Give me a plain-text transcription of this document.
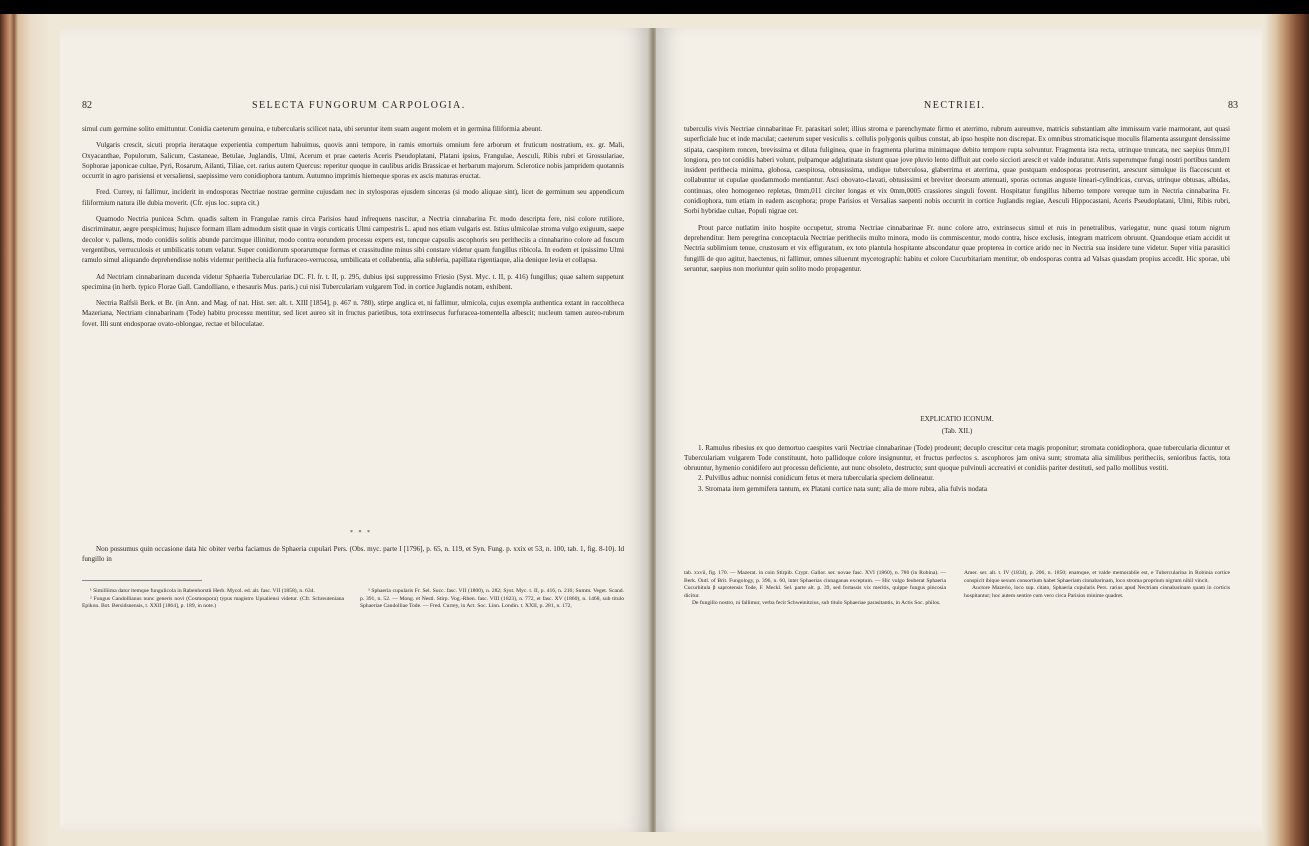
82	SELECTA FUNGORUM CARPOLOGIA.

simul cum germine solito emittuntur. Conidia caeterum genuina, e tubercularis scilicet nata, ubi seruntur item suam augent molem et in germina filiformia abeunt.

Vulgaris crescit, sicuti propria iterataque experientia compertum habuimus, quovis anni tempore, in ramis emortuis omnium fere arborum et fruticum nostratium, ex. gr. Mali, Oxyacanthae, Populorum, Salicum, Castaneae, Betulae, Juglandis, Ulmi, Acerum et prae caeteris Aceris Pseudoplatani, Platani ipsius, Frangulae, Aesculi, Ribis rubri et Grossulariae, Sophorae japonicae cultae, Pyri, Rosarum, Ailanti, Tiliae, cet. rarius autem Quercus: reperitur quoque in caulibus aridis Brassicae et herbarum majorum. Sclerotice nobis jampridem quotannis occurrit in agro parisiensi et versaliensi, saepissime vero conidiophora tantum. Autumno imprimis hiemeque sporas ex ascis maturas eructat.

Fred. Currey, ni fallimur, inciderit in endosporas Nectriae nostrae germine cujusdam nec in stylosporas ejusdem sinceras (si modo aliquae sint), licet de germinum seu appendicum filiformium natura ille dubia moverit. (Cfr. ejus loc. supra cit.)

Quamodo Nectria punicea Schm. quadis saltem in Frangulae ramis circa Parisios haud infrequens nascitur, a Nectria cinnabarina Fr. modo descripta fere, nisi colore rutiliore, discriminatur, aegre perspicimus; hujusce formam illam admodum sistit quae in virgis corticatis Ulmi campestris L. apud nos etiam vulgaris est. Istius ulmicolae stroma vulgo exiguum, saepe decolor v. pallens, modo conidiis solitis abunde parcimque illinitur, modo contra eorundem processu expers est, tuncque capsulis ascophoris seu peritheciis a cinnabarino colore ad fuscum vergentibus, verruculosis et umbilicatis totum velatur. Super conidiorum sporarumque formas et crassitudine minus sibi constare videtur quam fungillus ribicola. In eodem et ipsissimo Ulmi ramulo simul aliquando deprehendisse nobis videmur perithecia alia furfuraceo-verrucosa, umbilicata et collabentia, alia subleria, papillata rigentiaque, alia denique levia et collapsa.

Ad Nectriam cinnabarinam ducenda videtur Sphaeria Tuberculariae DC. Fl. fr. t. II, p. 295, dubius ipsi suppressimo Friesio (Syst. Myc. t. II, p. 416) fungillus; quae saltem suppetunt specimina (in herb. typico Florae Gall. Candolliano, e thesauris Mus. paris.) cui nisi Tuberculariam vulgarem Tod. in cortice Juglandis notam, exhibent.

Nectria Ralfsii Berk. et Br. (in Ann. and Mag. of nat. Hist. ser. alt. t. XIII [1854], p. 467 n. 780), stirpe anglica et, ni fallimur, ulmicola, cujus exempla authentica extant in raccoltheca Mazeriana, Nectriam cinnabarinam (Tode) habitu processu mentitur, sed licet aureo sit in fructus parietibus, tota extrinsecus furfuracea-tomentella albescit; nucleum tamen aureo-rubrum fovet. Illi sunt endosporae ovato-oblongae, rectae et biloculatae.

* * *

Non possumus quin occasione data hic obiter verba faciamus de Sphaeria cupulari Pers. (Obs. myc. parte I [1796], p. 65, n. 119, et Syn. Fung. p. xxix et 53, n. 100, tab. 1, fig. 8-10). Id fungillo in

¹ Similliima datur itemque fungulicola in Rabenhorstii Herb. Mycol. ed. alt. fasc. VII (1858), n. 634.

² Fungus Candollianus nunc generis novi (Cosmospora) typus magistro Upsaliensi videtur. (Cfr. Schreuteniana Epikon. Bot. Bersidsnensis, t. XXII [1864], p. 189, in note.)

³ Sphaeria cupularis Fr. Sel. Succ. fasc. VII (1800), n. 282; Syst. Myc. t. II, p. 416, n. 216; Summ. Veget. Scand. p. 391, n. 52. — Mong. et Nestl. Stirp. Vog.-Rhen. fasc. VIII (1823), n. 772, et fasc. XV (1860), n. 1468, sub titulo Sphaeriae Candolliae Tode. — Fred. Currey, in Act. Soc. Linn. Londin. t. XXII, p. 281, n. 172,

NECTRIEI.	83

tuberculis vivis Nectriae cinnabarinae Fr. parasitari solet; illius stroma e parenchymate firmo et aterrimo, rubrum aureumve, matricis substantiam alte immissum varie marmorant, aut quasi superficiale huc et inde maculat; caeterum super vesiculis s. cellulis polygonis quibus constat, ab ipso hospite non discrepat. Ex omnibus stromaticisque moculis filamenta assurgunt densissime stipata, caespitem roncen, brevissima et diluta fuliginea, quae in fragmenta plurima minimaque debito tempore rupta solvuntur. Fragmenta ista recta, utrinque truncata, nec saepius 0mm,01 longiora, pro tot conidiis haberi volunt, pulpamque adglutinata sistunt quae jove pluvio lento diffluit aut coelo sicciori arescit et valde induratur. Atris superumque fungi nostri portibus tandem insident perithecia minima, globosa, caespitosa, obtusissima, undique tuberculosa, glaberrima et aterrima, quae postquam endosporas protruserint, arescunt simulque iis flaccescunt et collabuntur ut cupulae quodammodo mentiantur. Asci obovato-clavati, obtusissimi et breviter deorsum attenuati, sporas octonas anguste lineari-cylindricas, curvas, utrinque obtusas, albidas, continuas, oleo homogeneo repletas, 0mm,011 circiter longas et vix 0mm,0005 crassiores singuli fovent. Hospitatur fungillus hiberno tempore vereque tum in Nectria cinnabarina Fr. conidiophora, tum etiam in eadem ascophora; prope Parisios et Versalias saepenti nobis occurrit in cortice Juglandis regiae, Aesculi Hippocastani, Aceris Pseudoplatani, Ulmi, Ribis rubri, Sorbi hybridae cultae, Populi nigrae cet.

Prout parce nutlatim inito hospite occupetur, stroma Nectriae cinnabarinae Fr. nunc colore atro, extrinsecus simul et ruis in penetralibus, variegatur, nunc quasi totum nigrum deprehenditur. Item peregrina conceptacula Nectriae peritheciis multo minora, modo iis commiscentur, modo contra, hisce exclusis, integram matricem obruunt. Quandoque etiam accidit ut Nectria sublimium tenue, crustosum et vix effiguratum, ex toto plantula hospitante abscondatur quae propterea in cortice arido nec in Nectria sua insidere tune videtur. Super vitia parasitici fungilli de quo agitur, haectenus, ni fallimur, omnes siluerunt mycetographi: habitu et colore Cucurbitariam mentitur, ob endosporas contra ad Valsas quasdam propius accedit. Hic sporae, ubi seruntur, saepius non moriuntur quin solito modo propagentur.

EXPLICATIO ICONUM.

(Tab. XII.)

1. Ramulus ribesius ex quo demortuo caespites varii Nectriae cinnabarinae (Tode) prodeunt; decuplo crescitur ceta magis proponitur; stromata conidiophora, quae tubercularia dicuntur et Tuberculariam vulgarem Tode constituunt, hoto pallidoque colore insignuntur, et fructus perfectos s. ascophoros jam oniva sunt; stromata alia similibus peritheciis, senioribus factis, tota obruuntur, hymenio conidifero aut processu deficiente, aut nunc obsoleto, destructo; sunt quoque pulvinuli accreativi et conidiis pariter destituti, sed pallo mollibus vestiti.

2. Pulvillus adhuc nonnisi conidicum fetus et mera tubercularia speciem delineatur.

3. Stromata item gemmifera tantum, ex Platani cortice nata sunt; alia de more rubra, alia fulvis nodata

tab. xxvii, fig. 170. — Mazerat. in coin Stirpib. Crypt. Gallor. ser. novae fasc. XVI (1860), n. 780 (in Robina). — Berk. Outl. of Brit. Fungology, p. 396, n. 60, inter Sphaerias cinnaganas exceptum. — Hic vulgo feuberat Sphaeria Cucurbitula β saprotensis Tode, F. Meckl. Sel. parte alt. p. 39, sed fortassis vix meritis, quippe fungus pincosia dicitur.

De fungillo nostro, ni fallimur, verba fecit Schweinitzius, sub titulo Sphaeriae parasitantis, in Actis Soc. philos.

Amer. ser. alt. t. IV (1834), p. 206, n. 1850; enamque, et valde memorabile est, e Tubercularina in Robinia cortice conspicit ibique sexum consortium habet Sphaeriam cinnabarinam, loco stroma proprium nigrum nihil vincit.

Auctore Mazerio, loco sup. citato, Sphaeria cupularis Pers. rarius apud Nectriam cinnabarinam quam in corticis hospitantur; hoc autem sentire cum vero circa Parisios minime quadret.
